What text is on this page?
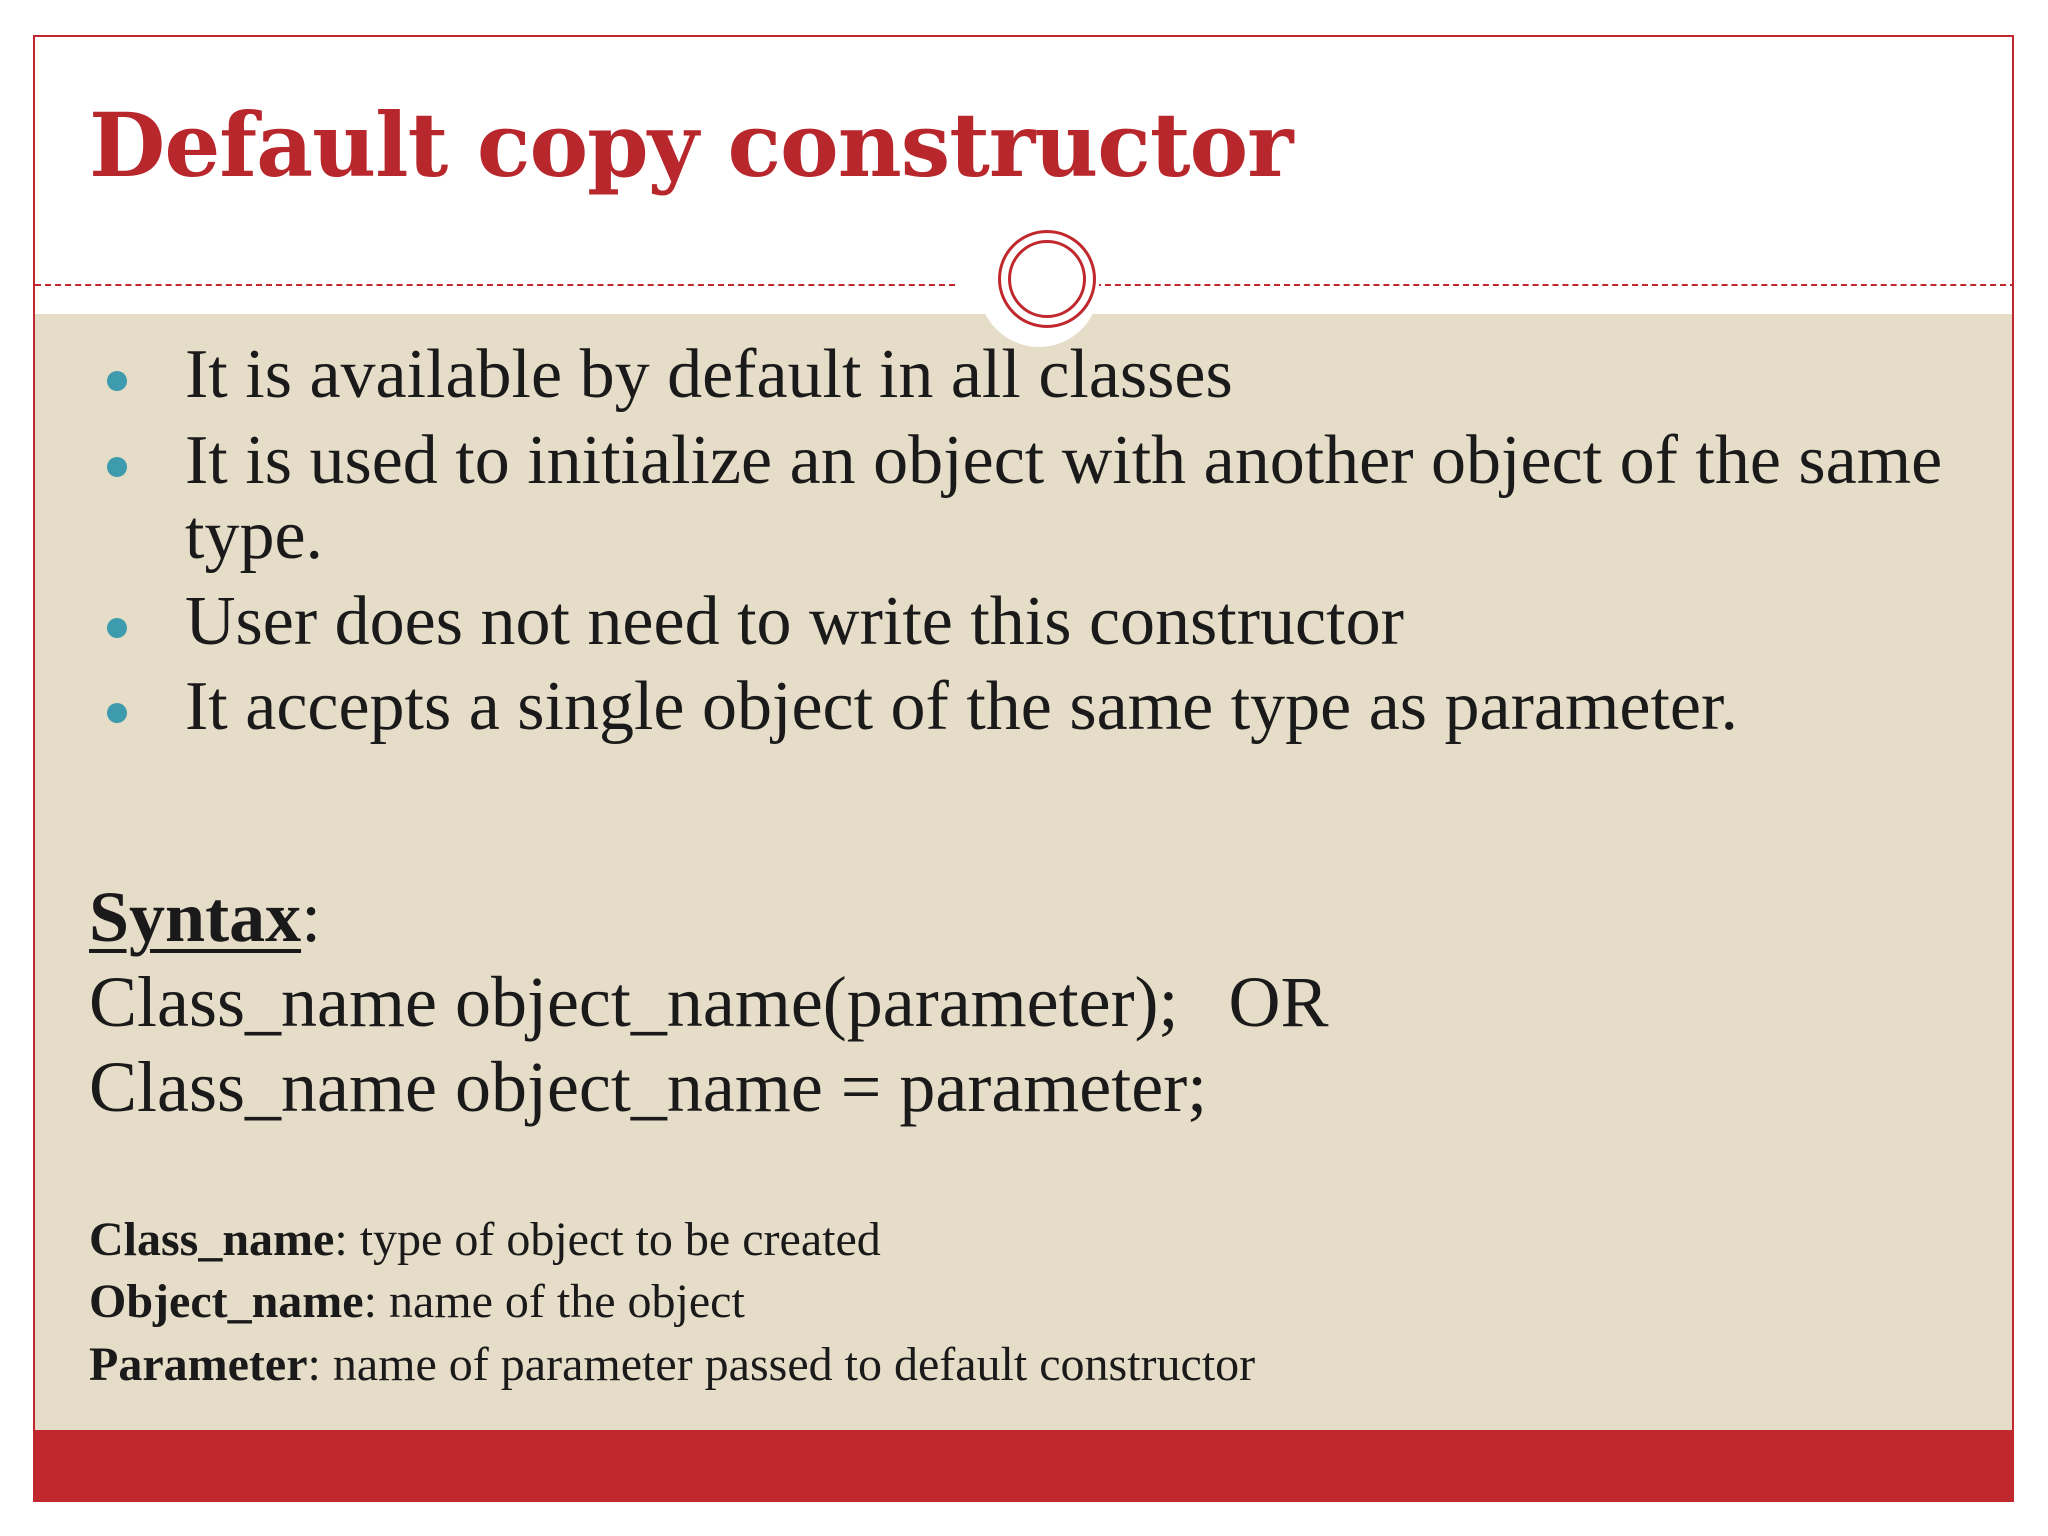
Default copy constructor
It is available by default in all classes
It is used to initialize an object with another object of the same type.
User does not need to write this constructor
It accepts a single object of the same type as parameter.
Syntax:
Class_name object_name(parameter); OR
Class_name object_name = parameter;
Class_name: type of object to be created
Object_name: name of the object
Parameter: name of parameter passed to default constructor
